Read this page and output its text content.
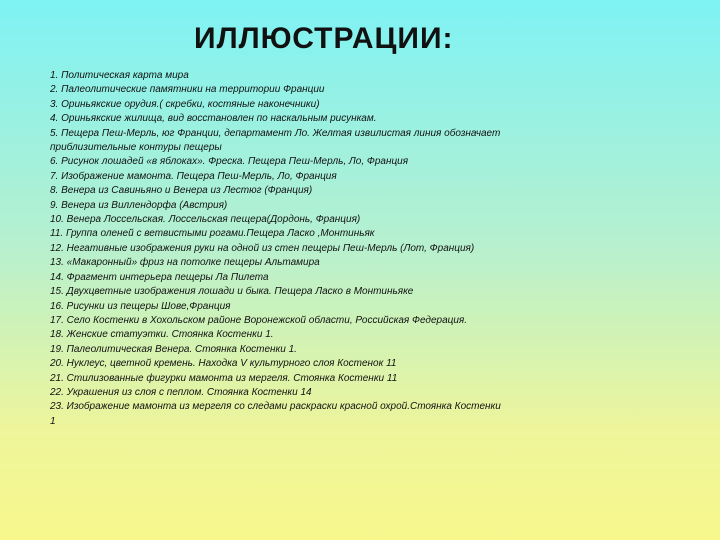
ИЛЛЮСТРАЦИИ:
1. Политическая карта мира
2. Палеолитические памятники на территории Франции
3. Ориньякские орудия.( скребки, костяные наконечники)
4. Ориньякские жилища, вид восстановлен по наскальным рисункам.
5. Пещера Пеш-Мерль, юг Франции, департамент Ло. Желтая извилистая линия обозначает приблизительные контуры пещеры
6. Рисунок лошадей «в яблоках». Фреска. Пещера Пеш-Мерль, Ло, Франция
7. Изображение мамонта. Пещера Пеш-Мерль, Ло, Франция
8. Венера из Савиньяно и Венера из Лестюг (Франция)
9. Венера из Виллендорфа (Австрия)
10. Венера Лоссельская. Лоссельская пещера(Дордонь, Франция)
11. Группа оленей с ветвистыми рогами.Пещера Ласко ,Монтиньяк
12. Негативные изображения руки на одной из стен пещеры Пеш-Мерль (Лот, Франция)
13. «Макаронный» фриз на потолке пещеры Альтамира
14. Фрагмент интерьера пещеры Ла Пилета
15. Двухцветные изображения лошади и быка. Пещера Ласко в Монтиньяке
16. Рисунки из пещеры Шове,Франция
17. Село Костенки в Хохольском районе Воронежской области, Российская Федерация.
18. Женские статуэтки. Стоянка Костенки 1.
19. Палеолитическая Венера. Стоянка Костенки 1.
20. Нуклеус, цветной кремень. Находка V культурного слоя Костенок 11
21. Стилизованные фигурки мамонта из мергеля. Стоянка Костенки 11
22. Украшения из слоя с пеплом. Стоянка Костенки 14
23. Изображение мамонта из мергеля со следами раскраски красной охрой.Стоянка Костенки 1
